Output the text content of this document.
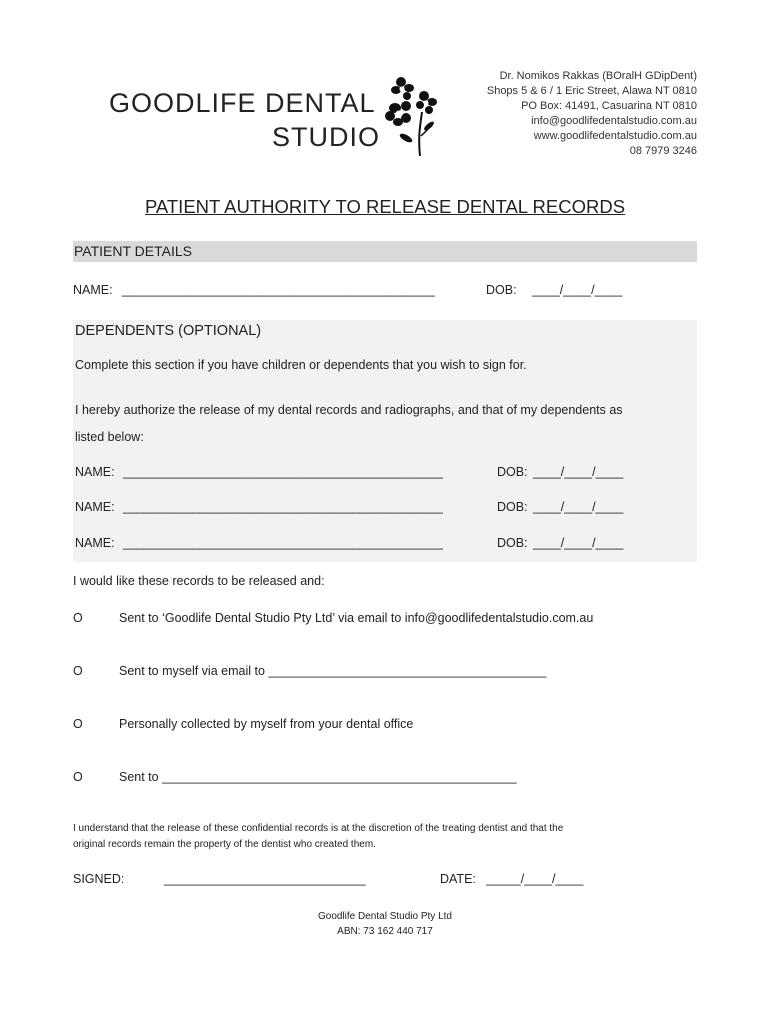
GOODLIFE DENTAL
STUDIO
Dr. Nomikos Rakkas (BOralH GDipDent)
Shops 5 & 6 / 1 Eric Street, Alawa NT 0810
PO Box: 41491, Casuarina NT 0810
info@goodlifedentalstudio.com.au
www.goodlifedentalstudio.com.au
08 7979 3246
PATIENT AUTHORITY TO RELEASE DENTAL RECORDS
PATIENT DETAILS
NAME: _____________________________________________	DOB: ____/____/____
DEPENDENTS (OPTIONAL)
Complete this section if you have children or dependents that you wish to sign for.
I hereby authorize the release of my dental records and radiographs, and that of my dependents as
listed below:
NAME: ______________________________________________	DOB: ____/____/____
NAME: ______________________________________________	DOB: ____/____/____
NAME: ______________________________________________	DOB: ____/____/____
I would like these records to be released and:
O	Sent to ‘Goodlife Dental Studio Pty Ltd’ via email to info@goodlifedentalstudio.com.au
O	Sent to myself via email to ________________________________________
O	Personally collected by myself from your dental office
O	Sent to ___________________________________________________
I understand that the release of these confidential records is at the discretion of the treating dentist and that the
original records remain the property of the dentist who created them.
SIGNED:	_____________________________	DATE: _____/____/____
Goodlife Dental Studio Pty Ltd
ABN: 73 162 440 717
